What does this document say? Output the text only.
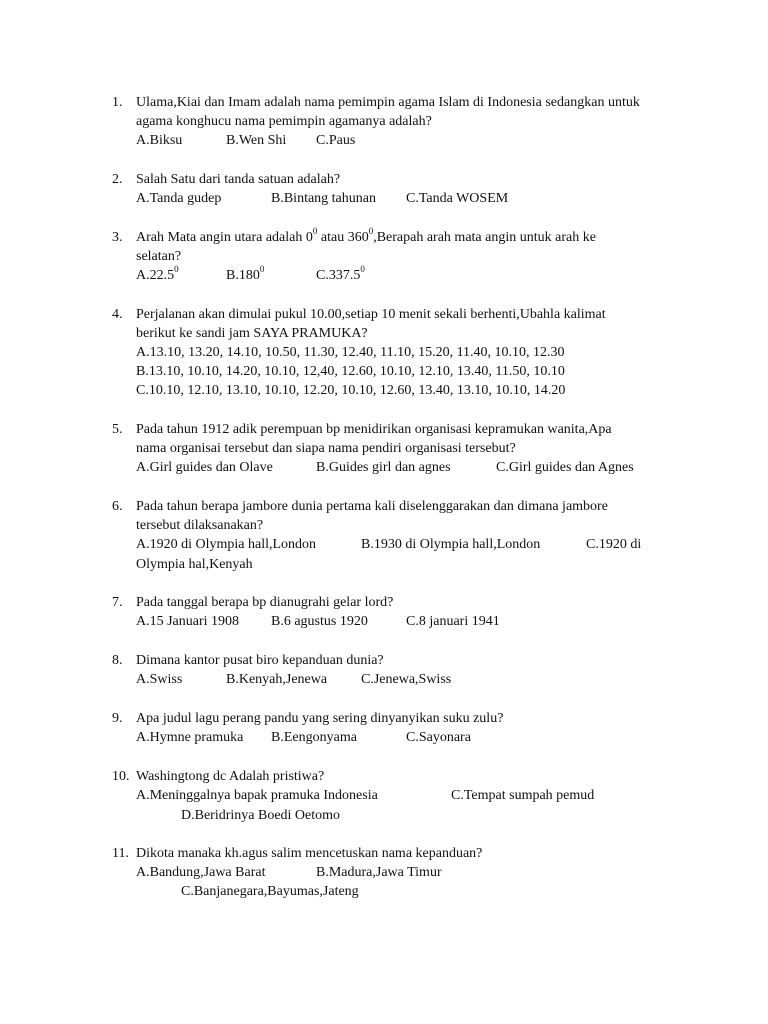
1. Ulama,Kiai dan Imam adalah nama pemimpin agama Islam di Indonesia sedangkan untuk
agama konghucu nama pemimpin agamanya adalah?
A.Biksu	B.Wen Shi C.Paus
2. Salah Satu dari tanda satuan adalah?
A.Tanda gudep	B.Bintang tahunan C.Tanda WOSEM
3. Arah Mata angin utara adalah $0^0$ atau $360^0,Berapah$ arah mata angin untuk arah ke
selatan?
A.22.5$^0$	B.180$^0$	C.337.5$^0$
4. Perjalanan akan dimulai pukul 10.00,setiap 10 menit sekali berhenti,Ubahla kalimat
berikut ke sandi jam SAYA PRAMUKA?
A.13.10, 13.20, 14.10, 10.50, 11.30, 12.40, 11.10, 15.20, 11.40, 10.10, 12.30
B.13.10, 10.10, 14.20, 10.10, 12,40, 12.60, 10.10, 12.10, 13.40, 11.50, 10.10
C.10.10, 12.10, 13.10, 10.10, 12.20, 10.10, 12.60, 13.40, 13.10, 10.10, 14.20
5. Pada tahun 1912 adik perempuan bp menidirikan organisasi kepramukan wanita,Apa
nama organisai tersebut dan siapa nama pendiri organisasi tersebut?
A.Girl guides dan Olave	B.Guides girl dan agnes	C.Girl guides dan Agnes
6. Pada tahun berapa jambore dunia pertama kali diselenggarakan dan dimana jambore
tersebut dilaksanakan?
A.1920 di Olympia hall,London	B.1930 di Olympia hall,London	C.1920 di
Olympia hal,Kenyah
7. Pada tanggal berapa bp dianugrahi gelar lord?
A.15 Januari 1908 B.6 agustus 1920	C.8 januari 1941
8. Dimana kantor pusat biro kepanduan dunia?
A.Swiss	B.Kenyah,Jenewa C.Jenewa,Swiss
9. Apa judul lagu perang pandu yang sering dinyanyikan suku zulu?
A.Hymne pramuka B.Eengonyama	C.Sayonara
10. Washingtong dc Adalah pristiwa?
A.Meninggalnya bapak pramuka Indonesia	C.Tempat sumpah pemud
D.Beridrinya Boedi Oetomo
11. Dikota manaka kh.agus salim mencetuskan nama kepanduan?
A.Bandung,Jawa Barat	B.Madura,Jawa Timur
C.Banjanegara,Bayumas,Jateng
